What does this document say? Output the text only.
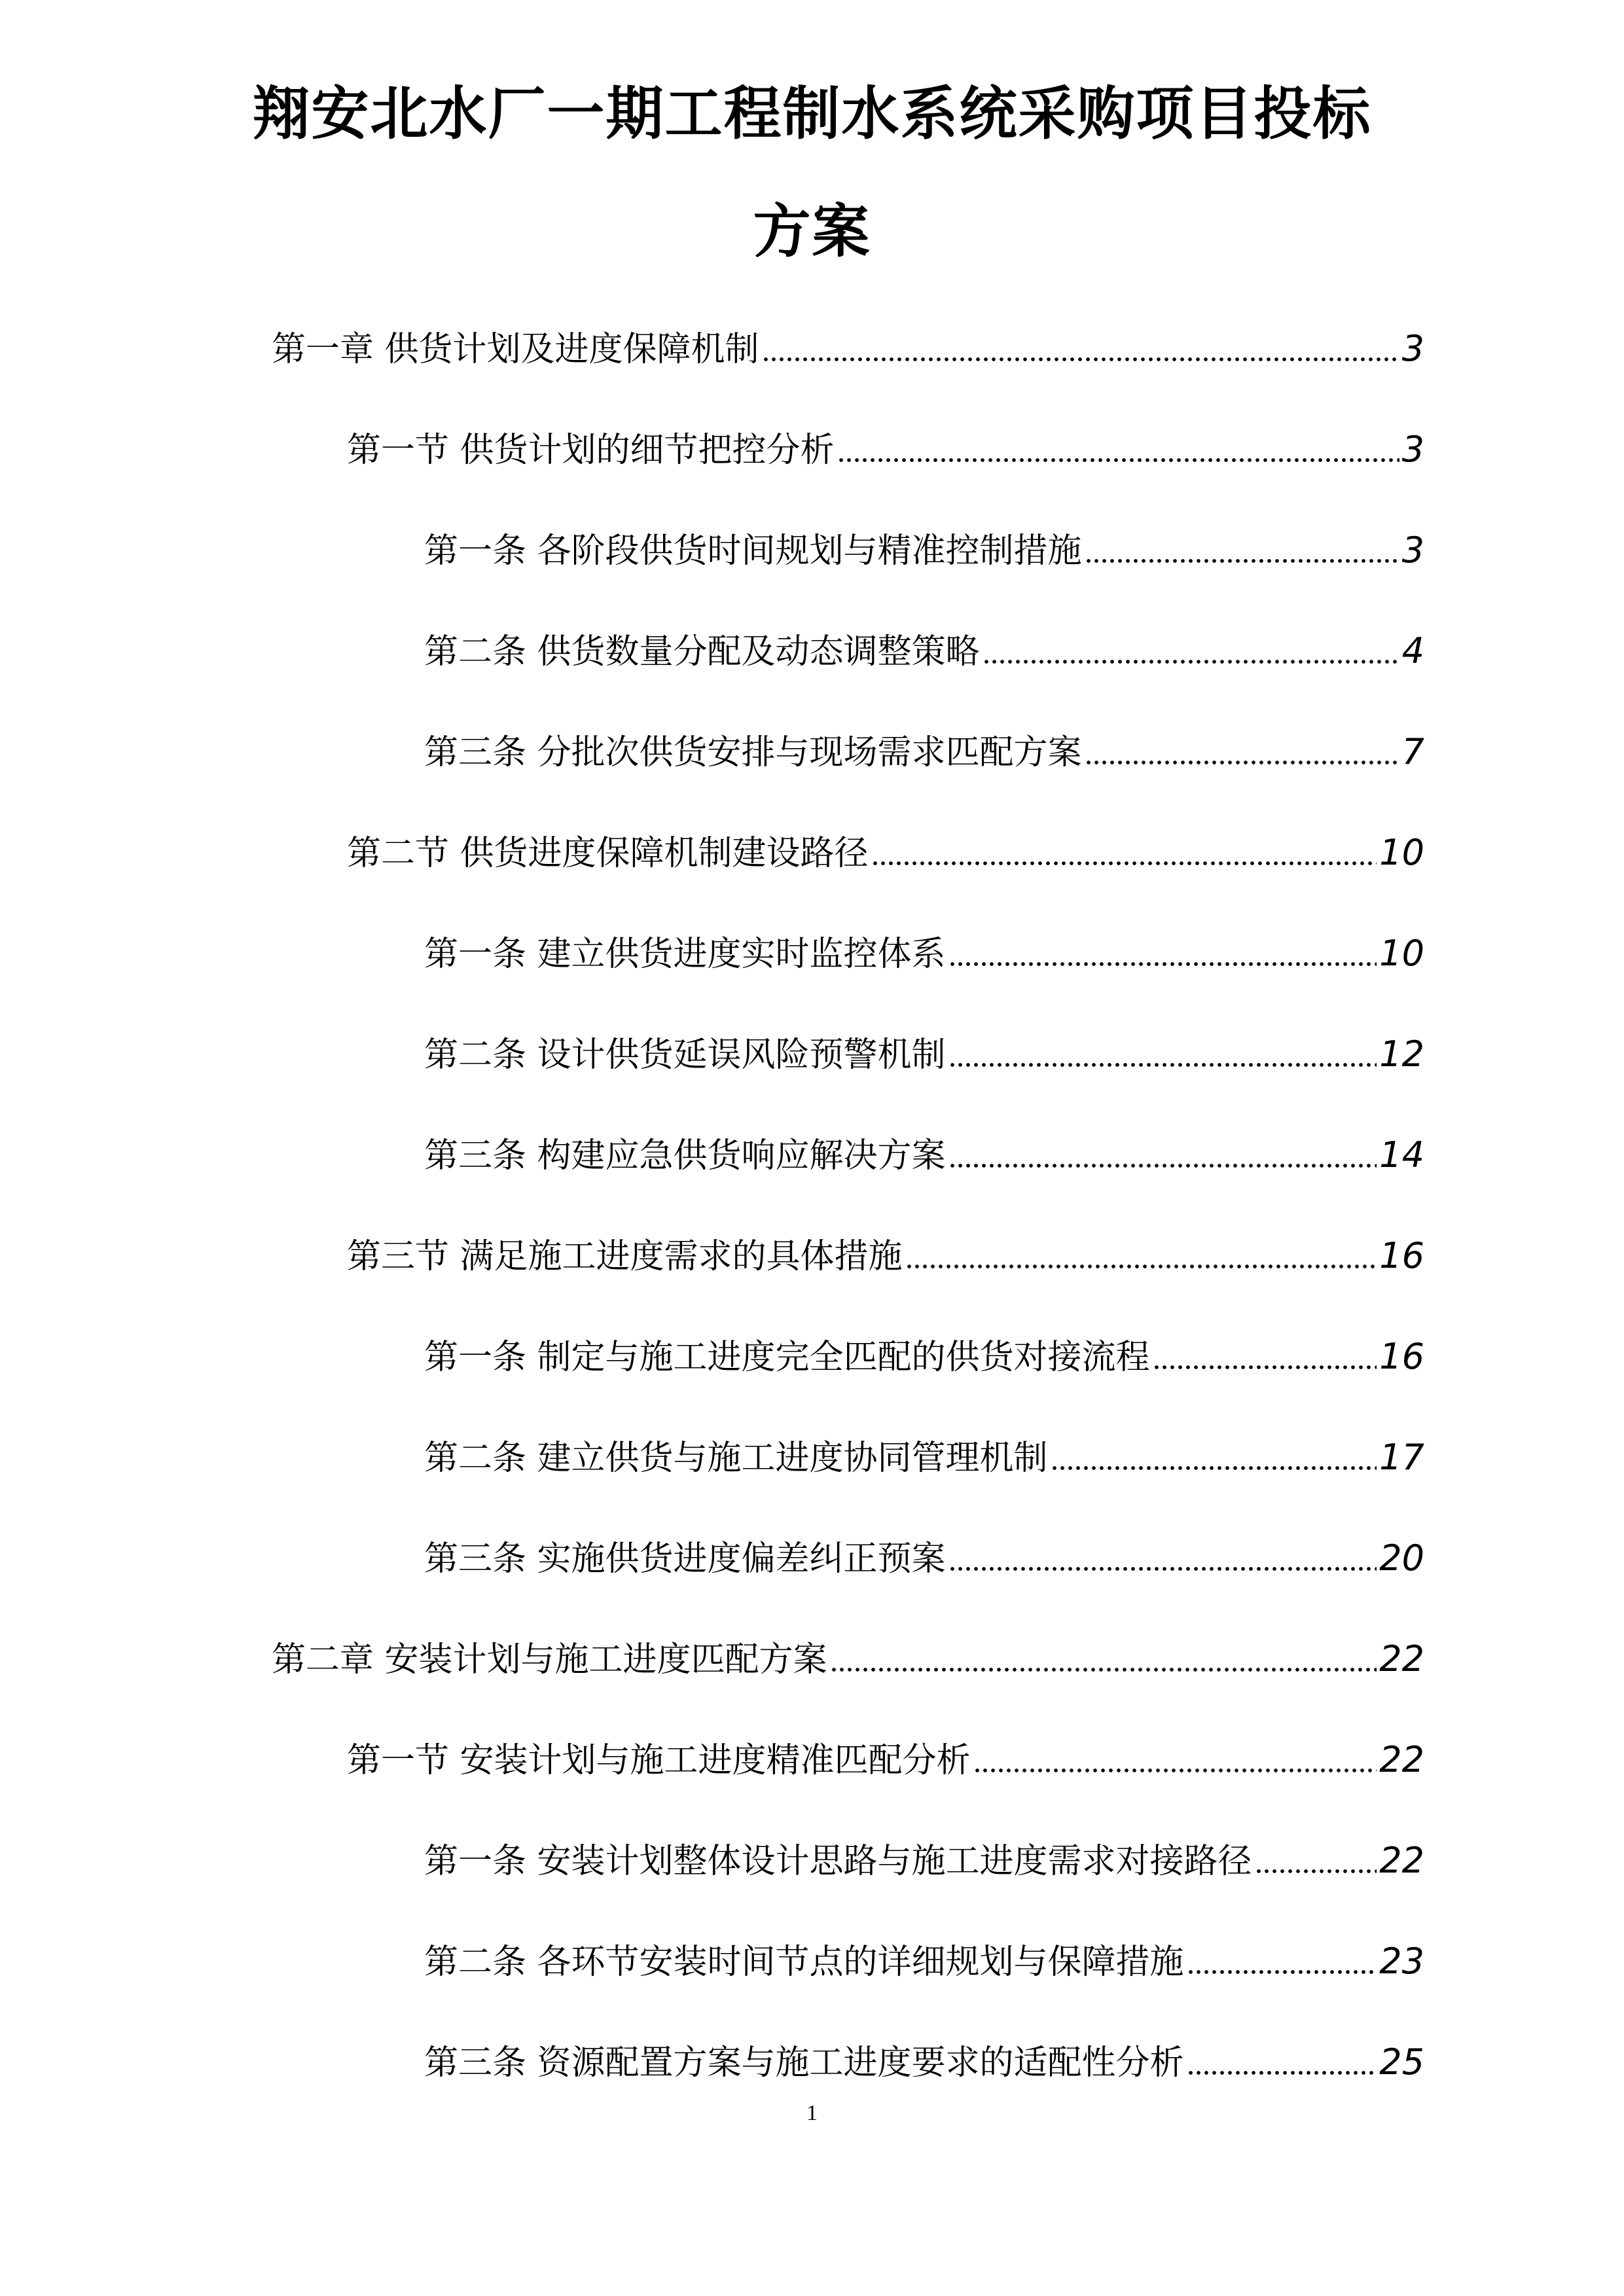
翔安北水厂一期工程制水系统采购项目投标
方案
第一章 供货计划及进度保障机制	3
第一节 供货计划的细节把控分析	3
第一条 各阶段供货时间规划与精准控制措施	3
第二条 供货数量分配及动态调整策略	4
第三条 分批次供货安排与现场需求匹配方案	7
第二节 供货进度保障机制建设路径	10
第一条 建立供货进度实时监控体系	10
第二条 设计供货延误风险预警机制	12
第三条 构建应急供货响应解决方案	14
第三节 满足施工进度需求的具体措施	16
第一条 制定与施工进度完全匹配的供货对接流程	16
第二条 建立供货与施工进度协同管理机制	17
第三条 实施供货进度偏差纠正预案	20
第二章 安装计划与施工进度匹配方案	22
第一节 安装计划与施工进度精准匹配分析	22
第一条 安装计划整体设计思路与施工进度需求对接路径	22
第二条 各环节安装时间节点的详细规划与保障措施	23
第三条 资源配置方案与施工进度要求的适配性分析	25
1
